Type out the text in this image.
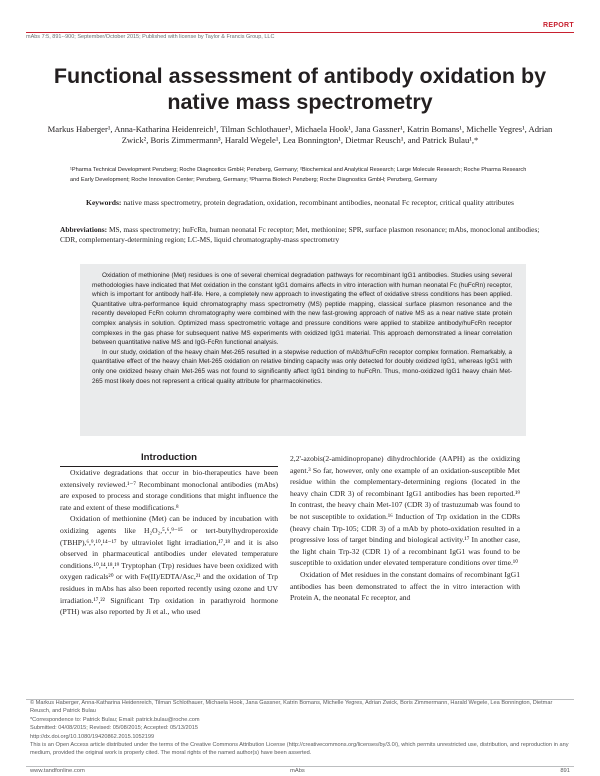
REPORT
mAbs 7:5, 891--900; September/October 2015; Published with license by Taylor & Francis Group, LLC
Functional assessment of antibody oxidation by native mass spectrometry
Markus Haberger¹, Anna-Katharina Heidenreich¹, Tilman Schlothauer¹, Michaela Hook¹, Jana Gassner¹, Katrin Bomans¹, Michelle Yegres¹, Adrian Zwick², Boris Zimmermann³, Harald Wegele¹, Lea Bonnington¹, Dietmar Reusch¹, and Patrick Bulau¹,*
¹Pharma Technical Development Penzberg; Roche Diagnostics GmbH; Penzberg, Germany; ²Biochemical and Analytical Research; Large Molecule Research; Roche Pharma Research and Early Development; Roche Innovation Center; Penzberg, Germany; ³Pharma Biotech Penzberg; Roche Diagnostics GmbH; Penzberg, Germany
Keywords: native mass spectrometry, protein degradation, oxidation, recombinant antibodies, neonatal Fc receptor, critical quality attributes
Abbreviations: MS, mass spectrometry; huFcRn, human neonatal Fc receptor; Met, methionine; SPR, surface plasmon resonance; mAbs, monoclonal antibodies; CDR, complementary-determining region; LC-MS, liquid chromatography-mass spectrometry

Oxidation of methionine (Met) residues is one of several chemical degradation pathways for recombinant IgG1 antibodies. Studies using several methodologies have indicated that Met oxidation in the constant IgG1 domains affects in vitro interaction with human neonatal Fc (huFcRn) receptor, which is important for antibody half-life. Here, a completely new approach to investigating the effect of oxidative stress conditions has been applied. Quantitative ultra-performance liquid chromatography mass spectrometry (MS) peptide mapping, classical surface plasmon resonance and the recently developed FcRn column chromatography were combined with the new fast-growing approach of native MS as a near native state protein complex analysis in solution. Optimized mass spectrometric voltage and pressure conditions were applied to stabilize antibody/huFcRn receptor complexes in the gas phase for subsequent native MS experiments with oxidized IgG1 material. This approach demonstrated a linear correlation between quantitative native MS and IgG-FcRn functional analysis.

In our study, oxidation of the heavy chain Met-265 resulted in a stepwise reduction of mAb3/huFcRn receptor complex formation. Remarkably, a quantitative effect of the heavy chain Met-265 oxidation on relative binding capacity was only detected for doubly oxidized IgG1, whereas IgG1 with only one oxidized heavy chain Met-265 was not found to significantly affect IgG1 binding to huFcRn. Thus, mono-oxidized IgG1 heavy chain Met-265 most likely does not represent a critical quality attribute for pharmacokinetics.

Introduction

Oxidative degradations that occur in bio-therapeutics have been extensively reviewed.¹⁻⁷ Recombinant monoclonal antibodies (mAbs) are exposed to process and storage conditions that might influence the rate and extent of these modifications.⁸

Oxidation of methionine (Met) can be induced by incubation with oxidizing agents like H₂O₂,⁵,⁶,⁹⁻¹⁵ or tert-butylhydroperoxide (TBHP),⁶,⁹,¹⁰,¹⁴⁻¹⁷ by ultraviolet light irradiation,¹⁷,¹⁸ and it is also observed in pharmaceutical antibodies under elevated temperature conditions.¹⁰,¹⁴,¹⁸,¹⁹ Tryptophan (Trp) residues have been oxidized with oxygen radicals²⁰ or with Fe(II)/EDTA/Asc,²¹ and the oxidation of Trp residues in mAbs has also been reported recently using ozone and UV irradiation.¹⁷,²² Significant Trp oxidation in parathyroid hormone (PTH) was also reported by Ji et al., who used

2,2'-azobis(2-amidinopropane) dihydrochloride (AAPH) as the oxidizing agent.³ So far, however, only one example of an oxidation-susceptible Met residue within the complementary-determining regions (located in the heavy chain CDR 3) of recombinant IgG1 antibodies has been reported.¹⁹ In contrast, the heavy chain Met-107 (CDR 3) of trastuzumab was found to be not susceptible to oxidation.¹⁶ Induction of Trp oxidation in the CDRs (heavy chain Trp-105; CDR 3) of a mAb by photo-oxidation resulted in a progressive loss of target binding and biological activity.¹⁷ In another case, the light chain Trp-32 (CDR 1) of a recombinant IgG1 was found to be susceptible to oxidation under elevated temperature conditions over time.¹⁰

Oxidation of Met residues in the constant domains of recombinant IgG1 antibodies has been demonstrated to affect the in vitro interaction with Protein A, the neonatal Fc receptor, and

© Markus Haberger, Anna-Katharina Heidenreich, Tilman Schlothauer, Michaela Hook, Jana Gassner, Katrin Bomans, Michelle Yegres, Adrian Zwick, Boris Zimmermann, Harald Wegele, Lea Bonnington, Dietmar Reusch, and Patrick Bulau
*Correspondence to: Patrick Bulau; Email: patrick.bulau@roche.com
Submitted: 04/08/2015; Revised: 05/08/2015; Accepted: 05/13/2015
http://dx.doi.org/10.1080/19420862.2015.1052199
This is an Open Access article distributed under the terms of the Creative Commons Attribution License (http://creativecommons.org/licenses/by/3.0/), which permits unrestricted use, distribution, and reproduction in any medium, provided the original work is properly cited. The moral rights of the named author(s) have been asserted.
www.tandfonline.com	mAbs	891
